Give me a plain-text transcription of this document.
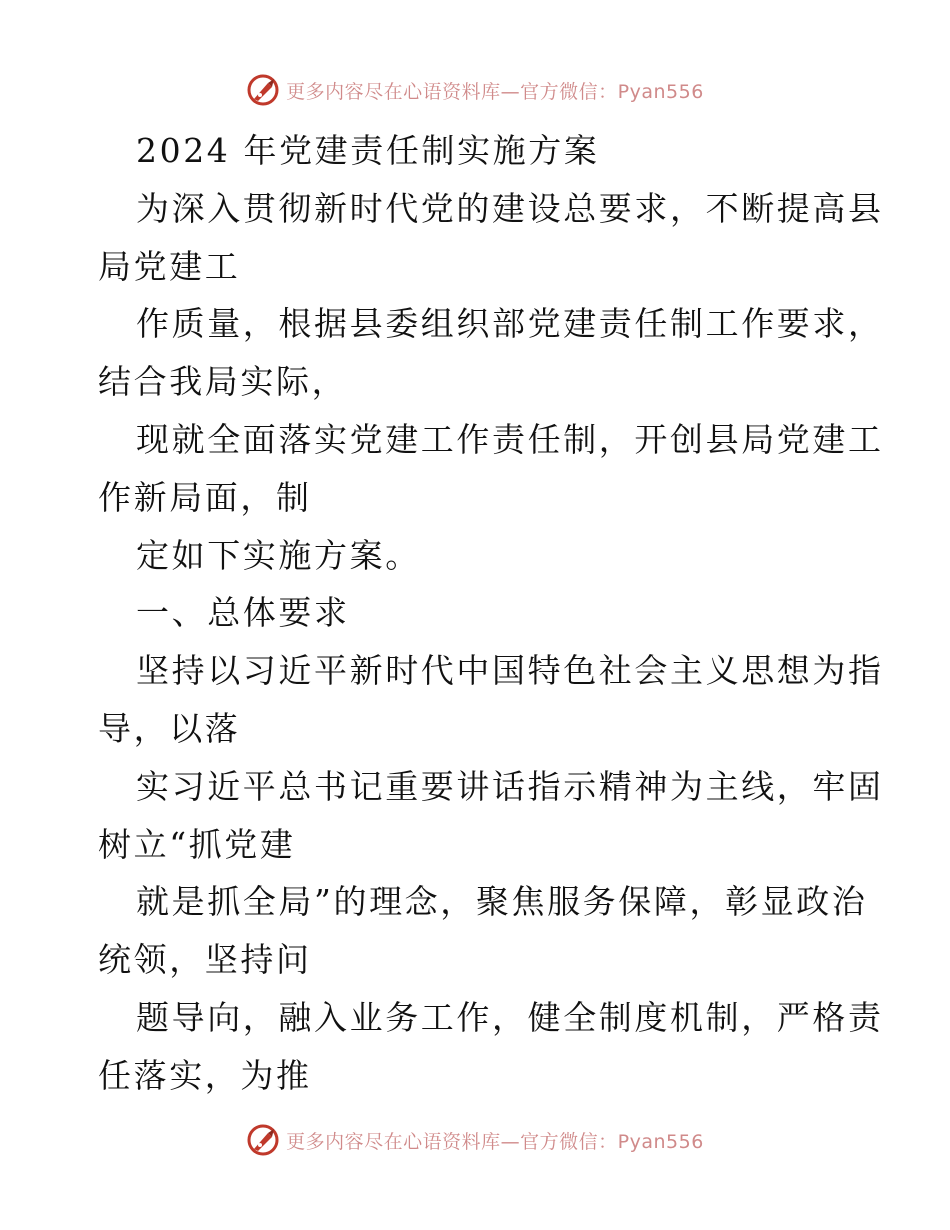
更多内容尽在心语资料库—官方微信：Pyan556
2024 年党建责任制实施方案
为深入贯彻新时代党的建设总要求，不断提高县
局党建工
作质量，根据县委组织部党建责任制工作要求，
结合我局实际，
现就全面落实党建工作责任制，开创县局党建工
作新局面，制
定如下实施方案。
一、总体要求
坚持以习近平新时代中国特色社会主义思想为指
导，以落
实习近平总书记重要讲话指示精神为主线，牢固
树立“抓党建
就是抓全局”的理念，聚焦服务保障，彰显政治
统领，坚持问
题导向，融入业务工作，健全制度机制，严格责
任落实，为推
更多内容尽在心语资料库—官方微信：Pyan556
